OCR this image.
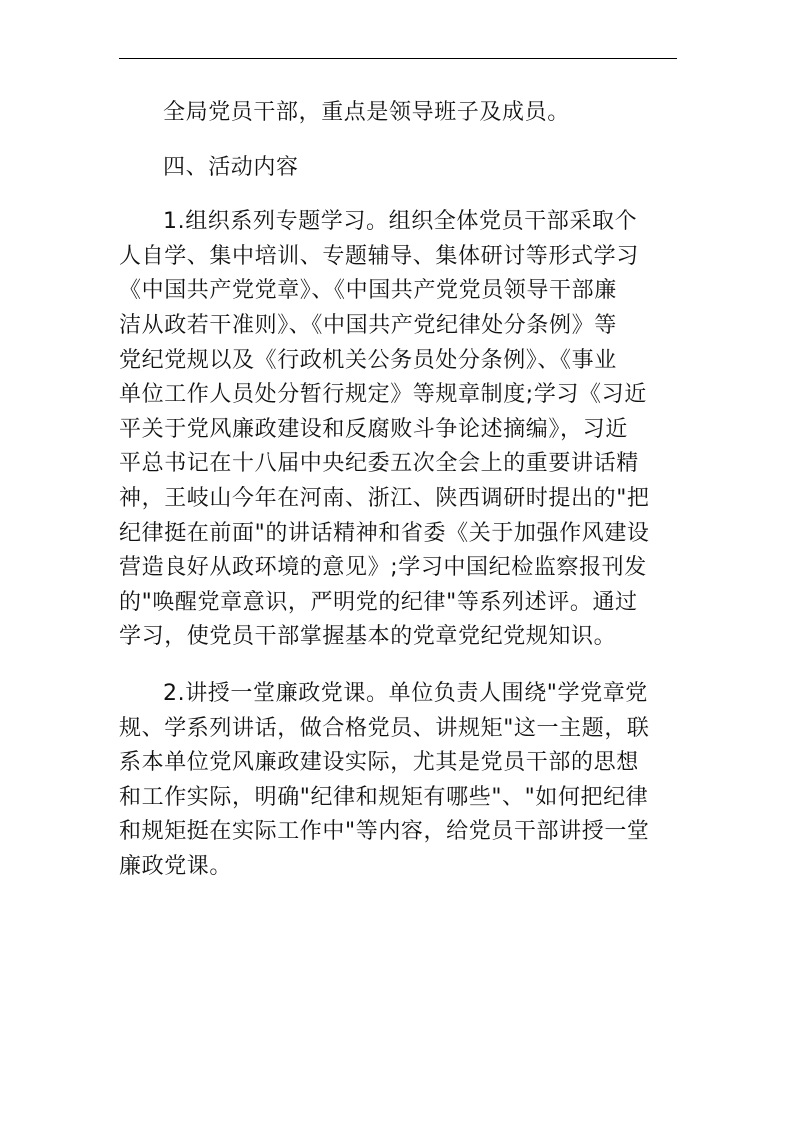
全局党员干部，重点是领导班子及成员。

四、活动内容

1.组织系列专题学习。组织全体党员干部采取个
人自学、集中培训、专题辅导、集体研讨等形式学习
《中国共产党党章》、《中国共产党党员领导干部廉
洁从政若干准则》、《中国共产党纪律处分条例》等
党纪党规以及《行政机关公务员处分条例》、《事业
单位工作人员处分暂行规定》等规章制度;学习《习近
平关于党风廉政建设和反腐败斗争论述摘编》，习近
平总书记在十八届中央纪委五次全会上的重要讲话精
神，王岐山今年在河南、浙江、陕西调研时提出的"把
纪律挺在前面"的讲话精神和省委《关于加强作风建设
营造良好从政环境的意见》;学习中国纪检监察报刊发
的"唤醒党章意识，严明党的纪律"等系列述评。通过
学习，使党员干部掌握基本的党章党纪党规知识。

2.讲授一堂廉政党课。单位负责人围绕"学党章党
规、学系列讲话，做合格党员、讲规矩"这一主题，联
系本单位党风廉政建设实际，尤其是党员干部的思想
和工作实际，明确"纪律和规矩有哪些"、"如何把纪律
和规矩挺在实际工作中"等内容，给党员干部讲授一堂
廉政党课。
